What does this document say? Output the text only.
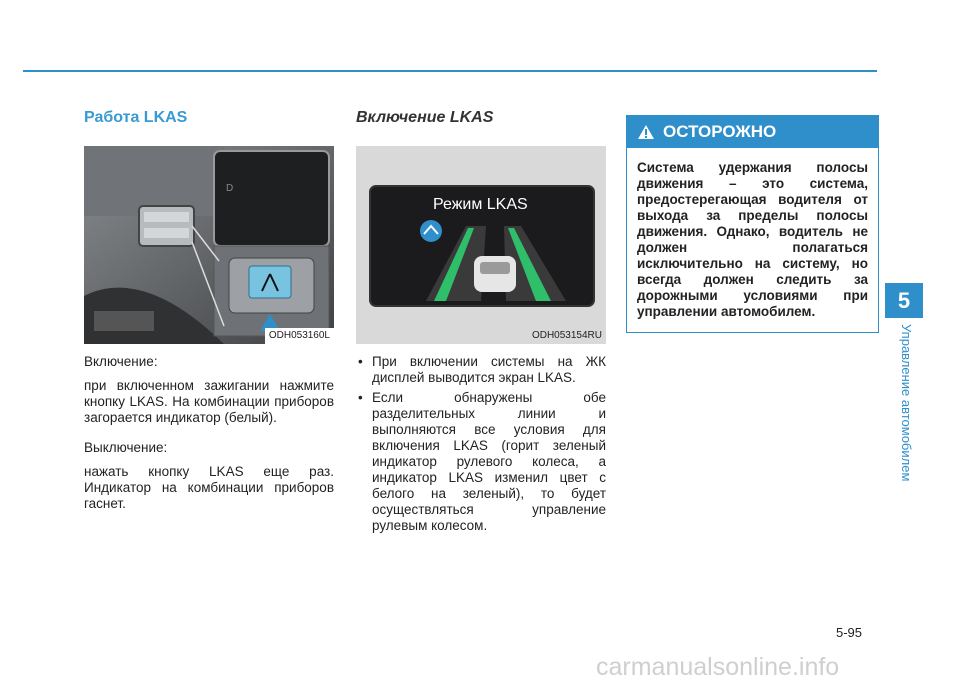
Работа LKAS
D
ODH053160L

Включение:

при включенном зажигании нажмите кнопку LKAS. На комбинации приборов загорается индикатор (белый).

Выключение:

нажать кнопку LKAS еще раз. Индикатор на комбинации приборов гаснет.

Включение LKAS
Режим LKAS
ODH053154RU
• При включении системы на ЖК дисплей выводится экран LKAS.
• Если обнаружены обе разделительных линии и выполняются все условия для включения LKAS (горит зеленый индикатор рулевого колеса, а индикатор LKAS изменил цвет с белого на зеленый), то будет осуществляться управление рулевым колесом.
ОСТОРОЖНО
Система удержания полосы движения – это система, предостерегающая водителя от выхода за пределы полосы движения. Однако, водитель не должен полагаться исключительно на систему, но всегда должен следить за дорожными условиями при управлении автомобилем.	5
Управление автомобилем
5-95
carmanualsonline.info
